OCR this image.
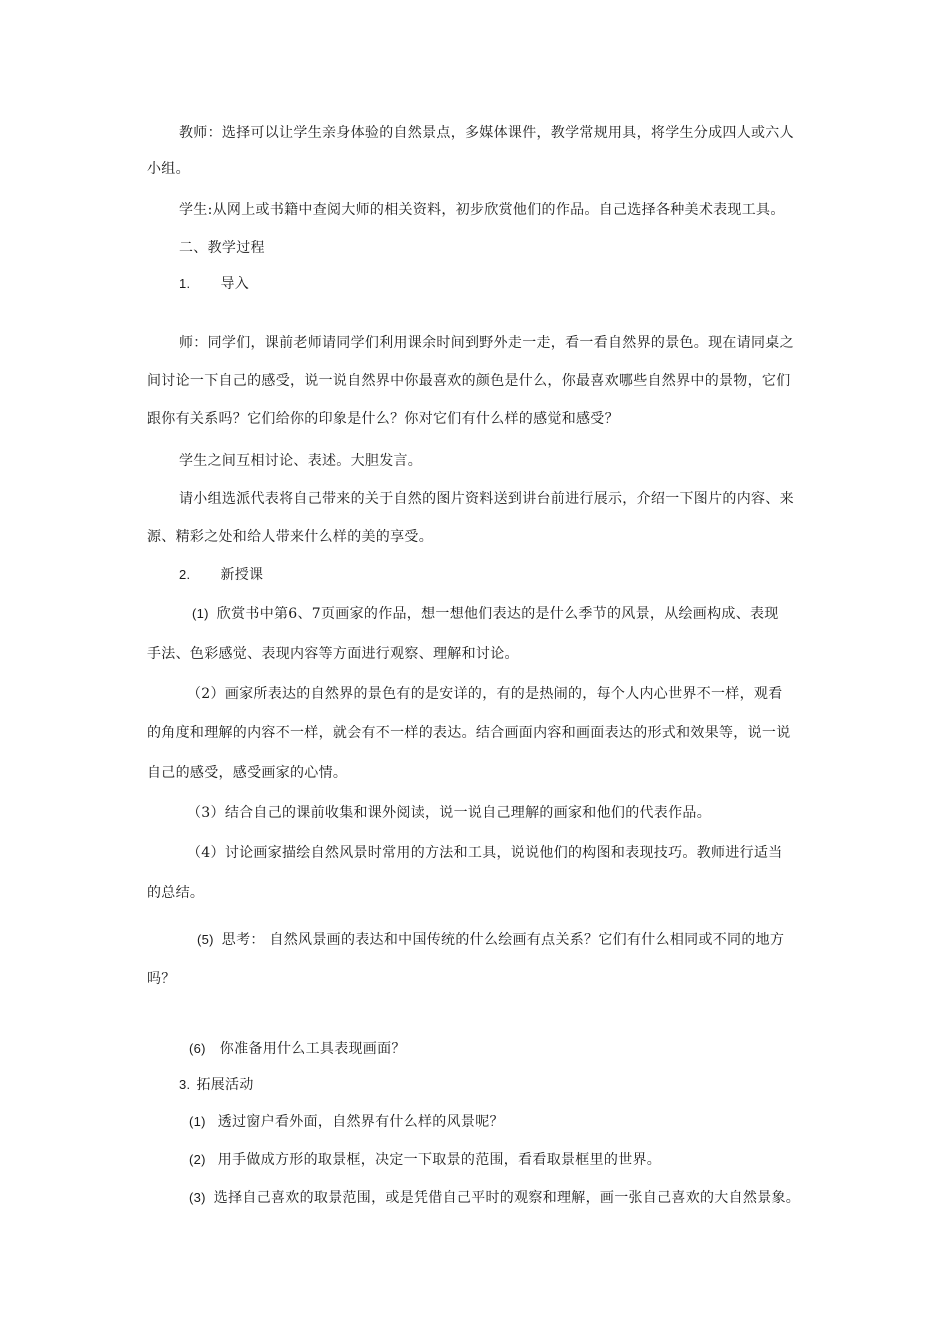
教师：选择可以让学生亲身体验的自然景点，多媒体课件，教学常规用具，将学生分成四人或六人
小组。
学生:从网上或书籍中查阅大师的相关资料，初步欣赏他们的作品。自己选择各种美术表现工具。
二、教学过程
1. 导入
师：同学们，课前老师请同学们利用课余时间到野外走一走，看一看自然界的景色。现在请同桌之
间讨论一下自己的感受，说一说自然界中你最喜欢的颜色是什么，你最喜欢哪些自然界中的景物，它们
跟你有关系吗？它们给你的印象是什么？你对它们有什么样的感觉和感受？
学生之间互相讨论、表述。大胆发言。
请小组选派代表将自己带来的关于自然的图片资料送到讲台前进行展示，介绍一下图片的内容、来
源、精彩之处和给人带来什么样的美的享受。
2. 新授课
(1) 欣赏书中第6、7页画家的作品，想一想他们表达的是什么季节的风景，从绘画构成、表现
手法、色彩感觉、表现内容等方面进行观察、理解和讨论。
（2）画家所表达的自然界的景色有的是安详的，有的是热闹的，每个人内心世界不一样，观看
的角度和理解的内容不一样，就会有不一样的表达。结合画面内容和画面表达的形式和效果等，说一说
自己的感受，感受画家的心情。
（3）结合自己的课前收集和课外阅读，说一说自己理解的画家和他们的代表作品。
（4）讨论画家描绘自然风景时常用的方法和工具，说说他们的构图和表现技巧。教师进行适当
的总结。
(5) 思考： 自然风景画的表达和中国传统的什么绘画有点关系？它们有什么相同或不同的地方
吗？
(6) 你准备用什么工具表现画面？
3. 拓展活动
(1) 透过窗户看外面，自然界有什么样的风景呢？
(2) 用手做成方形的取景框，决定一下取景的范围，看看取景框里的世界。
(3) 选择自己喜欢的取景范围，或是凭借自己平时的观察和理解，画一张自己喜欢的大自然景象。
